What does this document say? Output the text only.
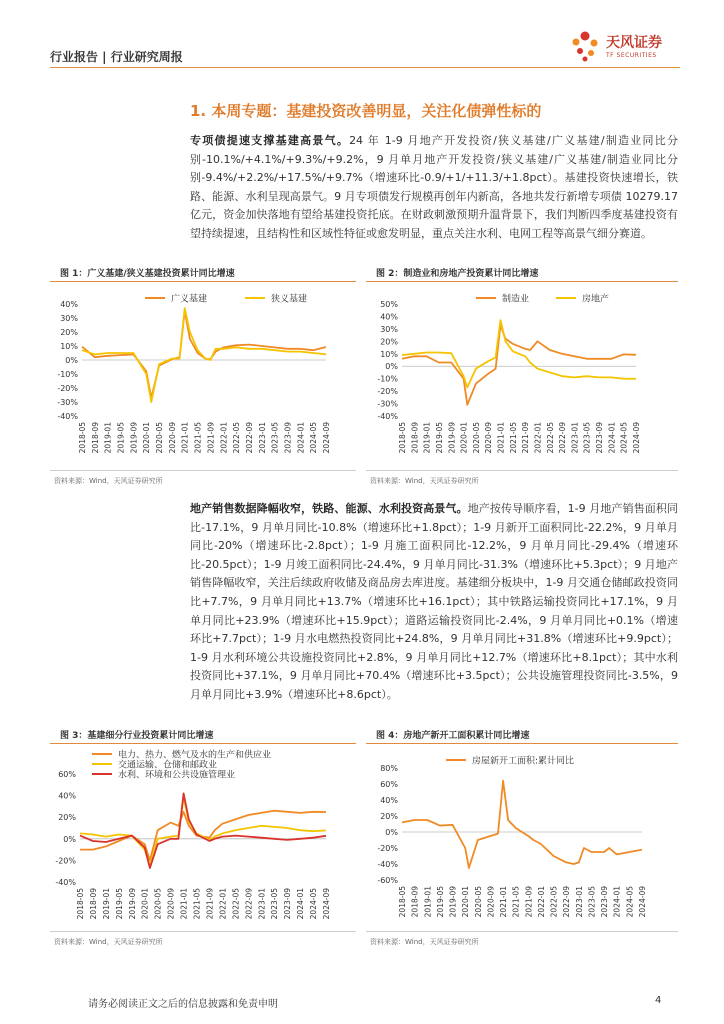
行业报告 | 行业研究周报
天风证券
TF SECURITIES
1. 本周专题：基建投资改善明显，关注化债弹性标的
专项债提速支撑基建高景气。24 年 1-9 月地产开发投资/狭义基建/广义基建/制造业同比分别-10.1%/+4.1%/+9.3%/+9.2%，9 月单月地产开发投资/狭义基建/广义基建/制造业同比分别-9.4%/+2.2%/+17.5%/+9.7%（增速环比-0.9/+1/+11.3/+1.8pct）。基建投资快速增长，铁路、能源、水利呈现高景气。9 月专项债发行规模再创年内新高，各地共发行新增专项债 10279.17 亿元，资金加快落地有望给基建投资托底。在财政刺激预期升温背景下，我们判断四季度基建投资有望持续提速，且结构性和区域性特征或愈发明显，重点关注水利、电网工程等高景气细分赛道。
图 1：广义基建/狭义基建投资累计同比增速
40%
30%
20%
10%
0%
-10%
-20%
-30%
-40%
2018-05 2018-09 2019-01 2019-05 2019-09 2020-01 2020-05 2020-09 2021-01 2021-05 2021-09 2022-01 2022-05 2022-09 2023-01 2023-05 2023-09 2024-01 2024-05 2024-09
广义基建	狭义基建
资料来源：Wind，天风证券研究所
图 2：制造业和房地产投资累计同比增速
50%
40%
30%
20%
10%
0%
-10%
-20%
-30%
-40%
2018-05 2018-09 2019-01 2019-05 2019-09 2020-01 2020-05 2020-09 2021-01 2021-05 2021-09 2022-01 2022-05 2022-09 2023-01 2023-05 2023-09 2024-01 2024-05 2024-09
制造业	房地产
资料来源：Wind，天风证券研究所
地产销售数据降幅收窄，铁路、能源、水利投资高景气。地产按传导顺序看，1-9 月地产销售面积同比-17.1%，9 月单月同比-10.8%（增速环比+1.8pct）；1-9 月新开工面积同比-22.2%，9 月单月同比-20%（增速环比-2.8pct）；1-9 月施工面积同比-12.2%，9 月单月同比-29.4%（增速环比-20.5pct）；1-9 月竣工面积同比-24.4%，9 月单月同比-31.3%（增速环比+5.3pct）；9 月地产销售降幅收窄，关注后续政府收储及商品房去库进度。基建细分板块中，1-9 月交通仓储邮政投资同比+7.7%，9 月单月同比+13.7%（增速环比+16.1pct）；其中铁路运输投资同比+17.1%，9 月单月同比+23.9%（增速环比+15.9pct）；道路运输投资同比-2.4%，9 月单月同比+0.1%（增速环比+7.7pct）；1-9 月水电燃热投资同比+24.8%，9 月单月同比+31.8%（增速环比+9.9pct）；1-9 月水利环境公共设施投资同比+2.8%，9 月单月同比+12.7%（增速环比+8.1pct）；其中水利投资同比+37.1%，9 月单月同比+70.4%（增速环比+3.5pct）；公共设施管理投资同比-3.5%，9 月单月同比+3.9%（增速环比+8.6pct）。
图 3：基建细分行业投资累计同比增速
60%
40%
20%
0%
-20%
-40%
2018-05 2018-09 2019-01 2019-05 2019-09 2020-01 2020-05 2020-09 2021-01 2021-05 2021-09 2022-01 2022-05 2022-09 2023-01 2023-05 2023-09 2024-01 2024-05 2024-09
电力、热力、燃气及水的生产和供应业
交通运输、仓储和邮政业
水利、环境和公共设施管理业
资料来源：Wind，天风证券研究所
图 4：房地产新开工面积累计同比增速
80%
60%
40%
20%
0%
-20%
-40%
-60%
2018-05 2018-09 2019-01 2019-05 2019-09 2020-01 2020-05 2020-09 2021-01 2021-05 2021-09 2022-01 2022-05 2022-09 2023-01 2023-05 2023-09 2024-01 2024-05 2024-09
房屋新开工面积:累计同比
资料来源：Wind，天风证券研究所
请务必阅读正文之后的信息披露和免责申明	4
